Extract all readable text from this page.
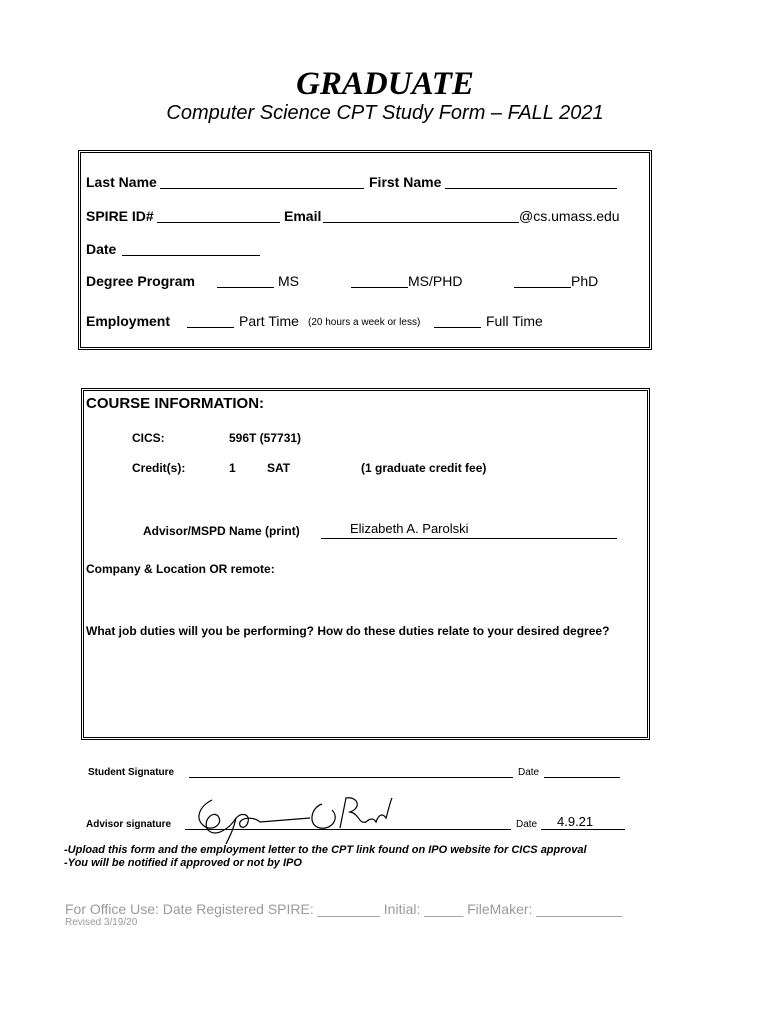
GRADUATE
Computer Science CPT Study Form – FALL 2021
Last Name	First Name
SPIRE ID#	Email	@cs.umass.edu
Date
Degree Program	MS	MS/PHD	PhD
Employment	Part Time (20 hours a week or less)	Full Time
COURSE INFORMATION:
CICS:	596T (57731)
Credit(s):	1	SAT	(1 graduate credit fee)
Advisor/MSPD Name (print)	Elizabeth A. Parolski
Company & Location OR remote:
What job duties will you be performing? How do these duties relate to your desired degree?
Student Signature	Date
Advisor signature	Date 4.9.21
-Upload this form and the employment letter to the CPT link found on IPO website for CICS approval
-You will be notified if approved or not by IPO
For Office Use: Date Registered SPIRE: ________ Initial: _____ FileMaker: ___________
Revised 3/19/20
